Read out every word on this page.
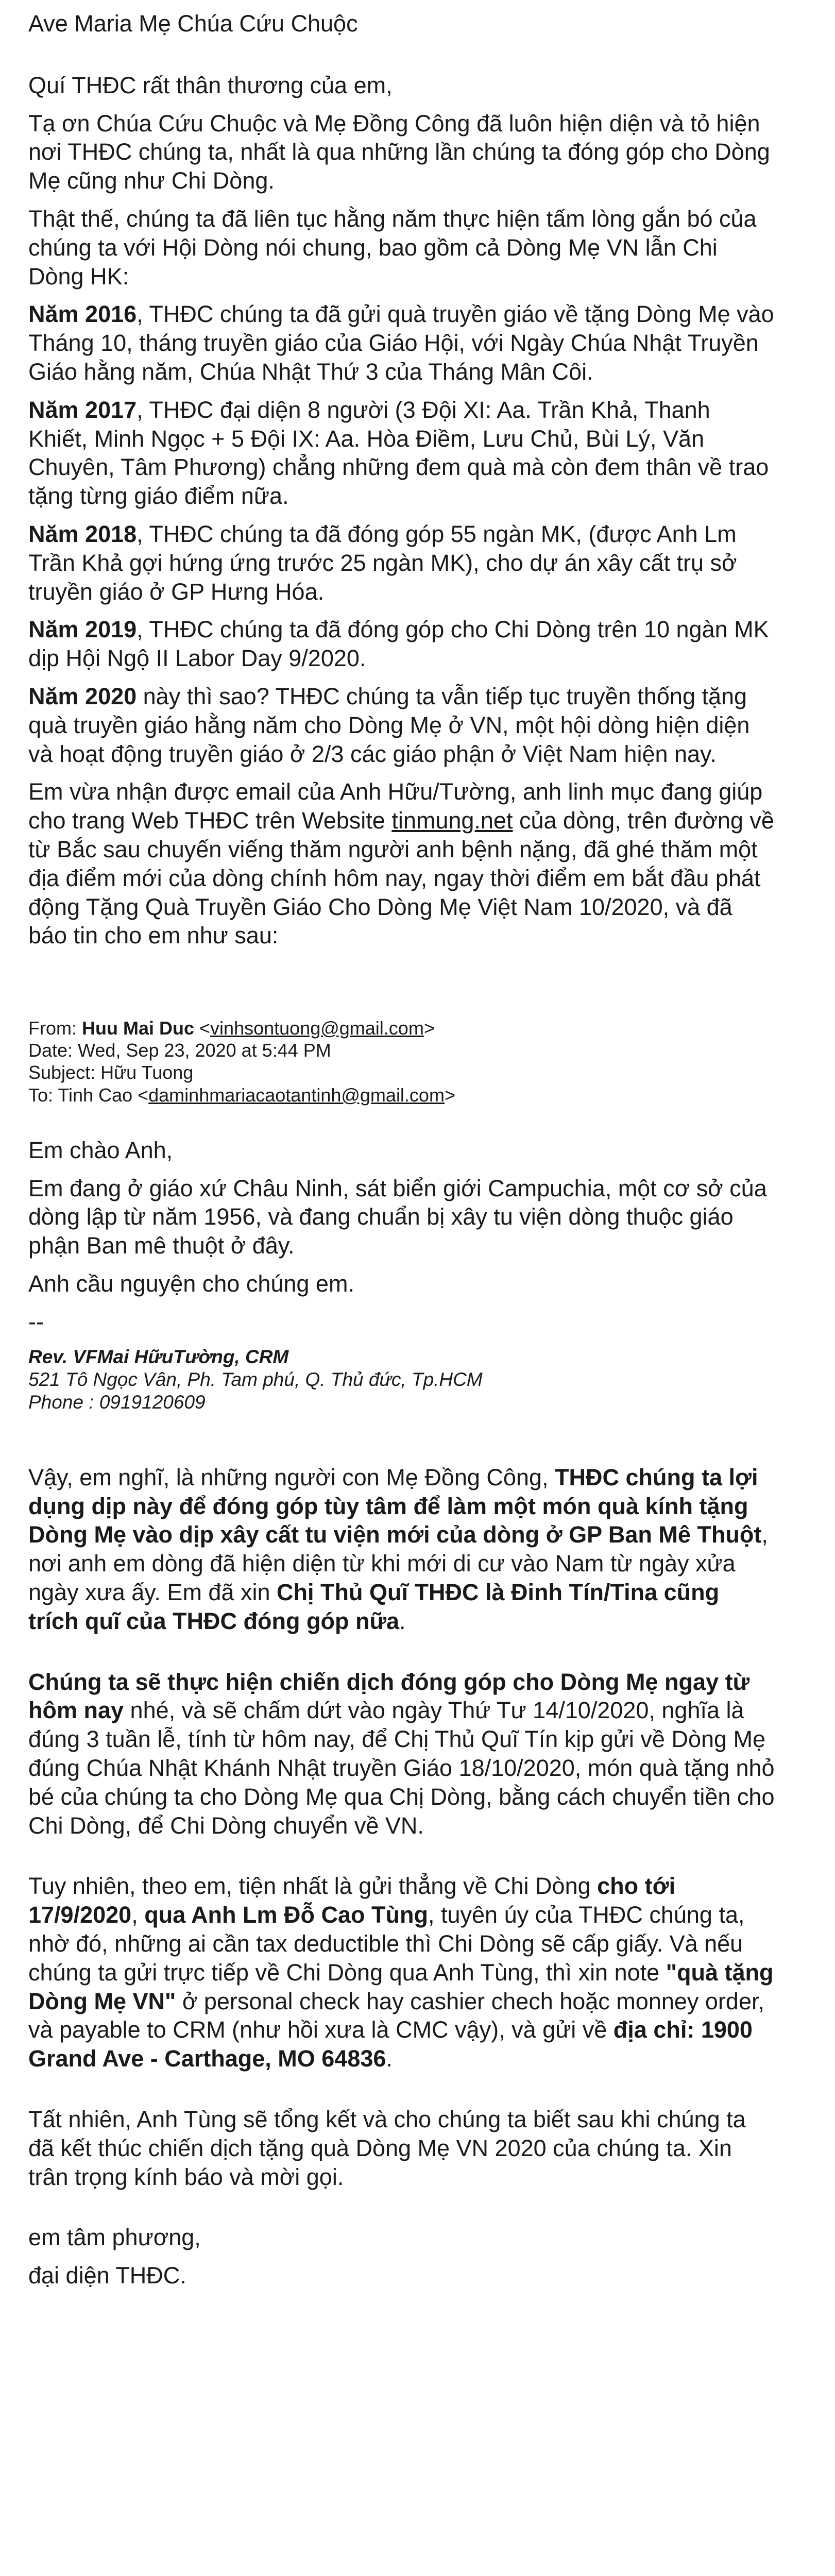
Ave Maria Mẹ Chúa Cứu Chuộc

Quí THĐC rất thân thương của em,

Tạ ơn Chúa Cứu Chuộc và Mẹ Đồng Công đã luôn hiện diện và tỏ hiện nơi THĐC chúng ta, nhất là qua những lần chúng ta đóng góp cho Dòng Mẹ cũng như Chi Dòng.

Thật thế, chúng ta đã liên tục hằng năm thực hiện tấm lòng gắn bó của chúng ta với Hội Dòng nói chung, bao gồm cả Dòng Mẹ VN lẫn Chi Dòng HK:

Năm 2016, THĐC chúng ta đã gửi quà truyền giáo về tặng Dòng Mẹ vào Tháng 10, tháng truyền giáo của Giáo Hội, với Ngày Chúa Nhật Truyền Giáo hằng năm, Chúa Nhật Thứ 3 của Tháng Mân Côi.

Năm 2017, THĐC đại diện 8 người (3 Đội XI: Aa. Trần Khả, Thanh Khiết, Minh Ngọc + 5 Đội IX: Aa. Hòa Điềm, Lưu Chủ, Bùi Lý, Văn Chuyên, Tâm Phương) chẳng những đem quà mà còn đem thân về trao tặng từng giáo điểm nữa.

Năm 2018, THĐC chúng ta đã đóng góp 55 ngàn MK, (được Anh Lm Trần Khả gợi hứng ứng trước 25 ngàn MK), cho dự án xây cất trụ sở truyền giáo ở GP Hưng Hóa.

Năm 2019, THĐC chúng ta đã đóng góp cho Chi Dòng trên 10 ngàn MK dịp Hội Ngộ II Labor Day 9/2020.

Năm 2020 này thì sao? THĐC chúng ta vẫn tiếp tục truyền thống tặng quà truyền giáo hằng năm cho Dòng Mẹ ở VN, một hội dòng hiện diện và hoạt động truyền giáo ở 2/3 các giáo phận ở Việt Nam hiện nay.

Em vừa nhận được email của Anh Hữu/Tường, anh linh mục đang giúp cho trang Web THĐC trên Website tinmung.net của dòng, trên đường về từ Bắc sau chuyến viếng thăm người anh bệnh nặng, đã ghé thăm một địa điểm mới của dòng chính hôm nay, ngay thời điểm em bắt đầu phát động Tặng Quà Truyền Giáo Cho Dòng Mẹ Việt Nam 10/2020, và đã báo tin cho em như sau:

From: Huu Mai Duc <vinhsontuong@gmail.com>
Date: Wed, Sep 23, 2020 at 5:44 PM
Subject: Hữu Tuong
To: Tinh Cao <daminhmariacaotantinh@gmail.com>

Em chào Anh,

Em đang ở giáo xứ Châu Ninh, sát biển giới Campuchia, một cơ sở của dòng lập từ năm 1956, và đang chuẩn bị xây tu viện dòng thuộc giáo phận Ban mê thuột ở đây.

Anh cầu nguyện cho chúng em.

--
Rev. VFMai HữuTường, CRM
521 Tô Ngọc Vân, Ph. Tam phú, Q. Thủ đức, Tp.HCM
Phone : 0919120609

Vậy, em nghĩ, là những người con Mẹ Đồng Công, THĐC chúng ta lợi dụng dịp này để đóng góp tùy tâm để làm một món quà kính tặng Dòng Mẹ vào dịp xây cất tu viện mới của dòng ở GP Ban Mê Thuột, nơi anh em dòng đã hiện diện từ khi mới di cư vào Nam từ ngày xửa ngày xưa ấy. Em đã xin Chị Thủ Quĩ THĐC là Đinh Tín/Tina cũng trích quĩ của THĐC đóng góp nữa.

Chúng ta sẽ thực hiện chiến dịch đóng góp cho Dòng Mẹ ngay từ hôm nay nhé, và sẽ chấm dứt vào ngày Thứ Tư 14/10/2020, nghĩa là đúng 3 tuần lễ, tính từ hôm nay, để Chị Thủ Quĩ Tín kịp gửi về Dòng Mẹ đúng Chúa Nhật Khánh Nhật truyền Giáo 18/10/2020, món quà tặng nhỏ bé của chúng ta cho Dòng Mẹ qua Chị Dòng, bằng cách chuyển tiền cho Chi Dòng, để Chi Dòng chuyển về VN.

Tuy nhiên, theo em, tiện nhất là gửi thẳng về Chi Dòng cho tới 17/9/2020, qua Anh Lm Đỗ Cao Tùng, tuyên úy của THĐC chúng ta, nhờ đó, những ai cần tax deductible thì Chi Dòng sẽ cấp giấy. Và nếu chúng ta gửi trực tiếp về Chi Dòng qua Anh Tùng, thì xin note "quà tặng Dòng Mẹ VN" ở personal check hay cashier chech hoặc monney order, và payable to CRM (như hồi xưa là CMC vậy), và gửi về địa chỉ: 1900 Grand Ave - Carthage, MO 64836.

Tất nhiên, Anh Tùng sẽ tổng kết và cho chúng ta biết sau khi chúng ta đã kết thúc chiến dịch tặng quà Dòng Mẹ VN 2020 của chúng ta. Xin trân trọng kính báo và mời gọi.

em tâm phương,

đại diện THĐC.
